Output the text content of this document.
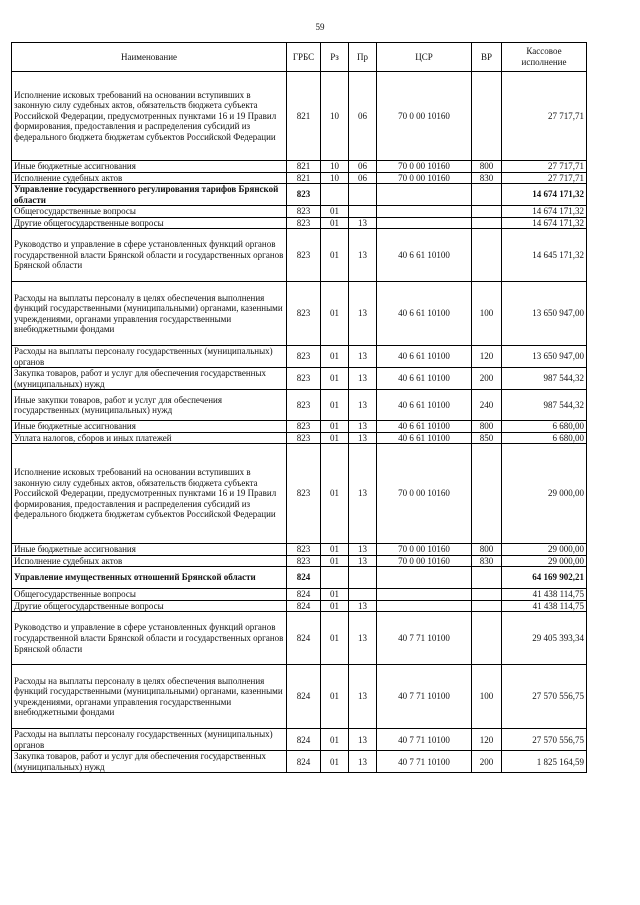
59
Наименование	ГРБС	Рз	Пр	ЦСР	ВР	Кассовое исполнение
Исполнение исковых требований на основании вступивших в законную силу судебных актов, обязательств бюджета субъекта Российской Федерации, предусмотренных пунктами 16 и 19 Правил формирования, предоставления и распределения субсидий из федерального бюджета бюджетам субъектов Российской Федерации	821	10	06	70 0 00 10160		27 717,71
Иные бюджетные ассигнования	821	10	06	70 0 00 10160	800	27 717,71
Исполнение судебных актов	821	10	06	70 0 00 10160	830	27 717,71
Управление государственного регулирования тарифов Брянской области	823					14 674 171,32
Общегосударственные вопросы	823	01				14 674 171,32
Другие общегосударственные вопросы	823	01	13			14 674 171,32
Руководство и управление в сфере установленных функций органов государственной власти Брянской области и государственных органов Брянской области	823	01	13	40 6 61 10100		14 645 171,32
Расходы на выплаты персоналу в целях обеспечения выполнения функций государственными (муниципальными) органами, казенными учреждениями, органами управления государственными внебюджетными фондами	823	01	13	40 6 61 10100	100	13 650 947,00
Расходы на выплаты персоналу государственных (муниципальных) органов	823	01	13	40 6 61 10100	120	13 650 947,00
Закупка товаров, работ и услуг для обеспечения государственных (муниципальных) нужд	823	01	13	40 6 61 10100	200	987 544,32
Иные закупки товаров, работ и услуг для обеспечения государственных (муниципальных) нужд	823	01	13	40 6 61 10100	240	987 544,32
Иные бюджетные ассигнования	823	01	13	40 6 61 10100	800	6 680,00
Уплата налогов, сборов и иных платежей	823	01	13	40 6 61 10100	850	6 680,00
Исполнение исковых требований на основании вступивших в законную силу судебных актов, обязательств бюджета субъекта Российской Федерации, предусмотренных пунктами 16 и 19 Правил формирования, предоставления и распределения субсидий из федерального бюджета бюджетам субъектов Российской Федерации	823	01	13	70 0 00 10160		29 000,00
Иные бюджетные ассигнования	823	01	13	70 0 00 10160	800	29 000,00
Исполнение судебных актов	823	01	13	70 0 00 10160	830	29 000,00
Управление имущественных отношений Брянской области	824					64 169 902,21
Общегосударственные вопросы	824	01				41 438 114,75
Другие общегосударственные вопросы	824	01	13			41 438 114,75
Руководство и управление в сфере установленных функций органов государственной власти Брянской области и государственных органов Брянской области	824	01	13	40 7 71 10100		29 405 393,34
Расходы на выплаты персоналу в целях обеспечения выполнения функций государственными (муниципальными) органами, казенными учреждениями, органами управления государственными внебюджетными фондами	824	01	13	40 7 71 10100	100	27 570 556,75
Расходы на выплаты персоналу государственных (муниципальных) органов	824	01	13	40 7 71 10100	120	27 570 556,75
Закупка товаров, работ и услуг для обеспечения государственных (муниципальных) нужд	824	01	13	40 7 71 10100	200	1 825 164,59
